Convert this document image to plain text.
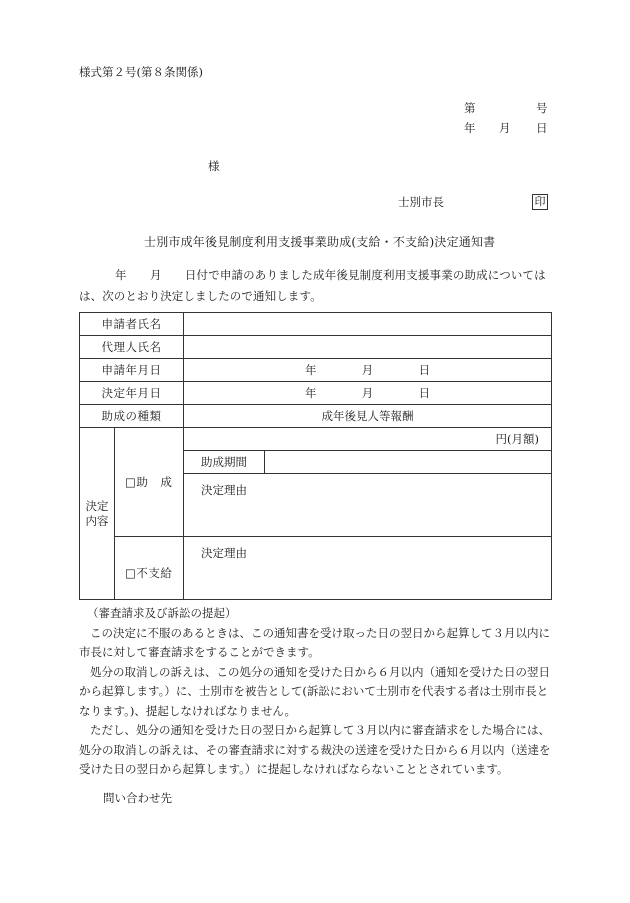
様式第２号(第８条関係)
第	号
年 月 日
様
士別市長	印
士別市成年後見制度利用支援事業助成(支給・不支給)決定通知書
年　　月　　日付で申請のありました成年後見制度利用支援事業の助成については
は、次のとおり決定しましたので通知します。
申請者氏名			
代理人氏名			
申請年月日		年 月 日	
決定年月日		年 月 日	
助成の種類		成年後見人等報酬	
決定内容	□助　成	円(月額)	
		助成期間	
		決定理由	
	□不支給	決定理由	

（審査請求及び訴訟の提起）

この決定に不服のあるときは、この通知書を受け取った日の翌日から起算して３月以内に市長に対して審査請求をすることができます。

処分の取消しの訴えは、この処分の通知を受けた日から６月以内（通知を受けた日の翌日から起算します。）に、士別市を被告として(訴訟において士別市を代表する者は士別市長となります。)、提起しなければなりません。

ただし、処分の通知を受けた日の翌日から起算して３月以内に審査請求をした場合には、処分の取消しの訴えは、その審査請求に対する裁決の送達を受けた日から６月以内（送達を受けた日の翌日から起算します。）に提起しなければならないこととされています。

問い合わせ先
